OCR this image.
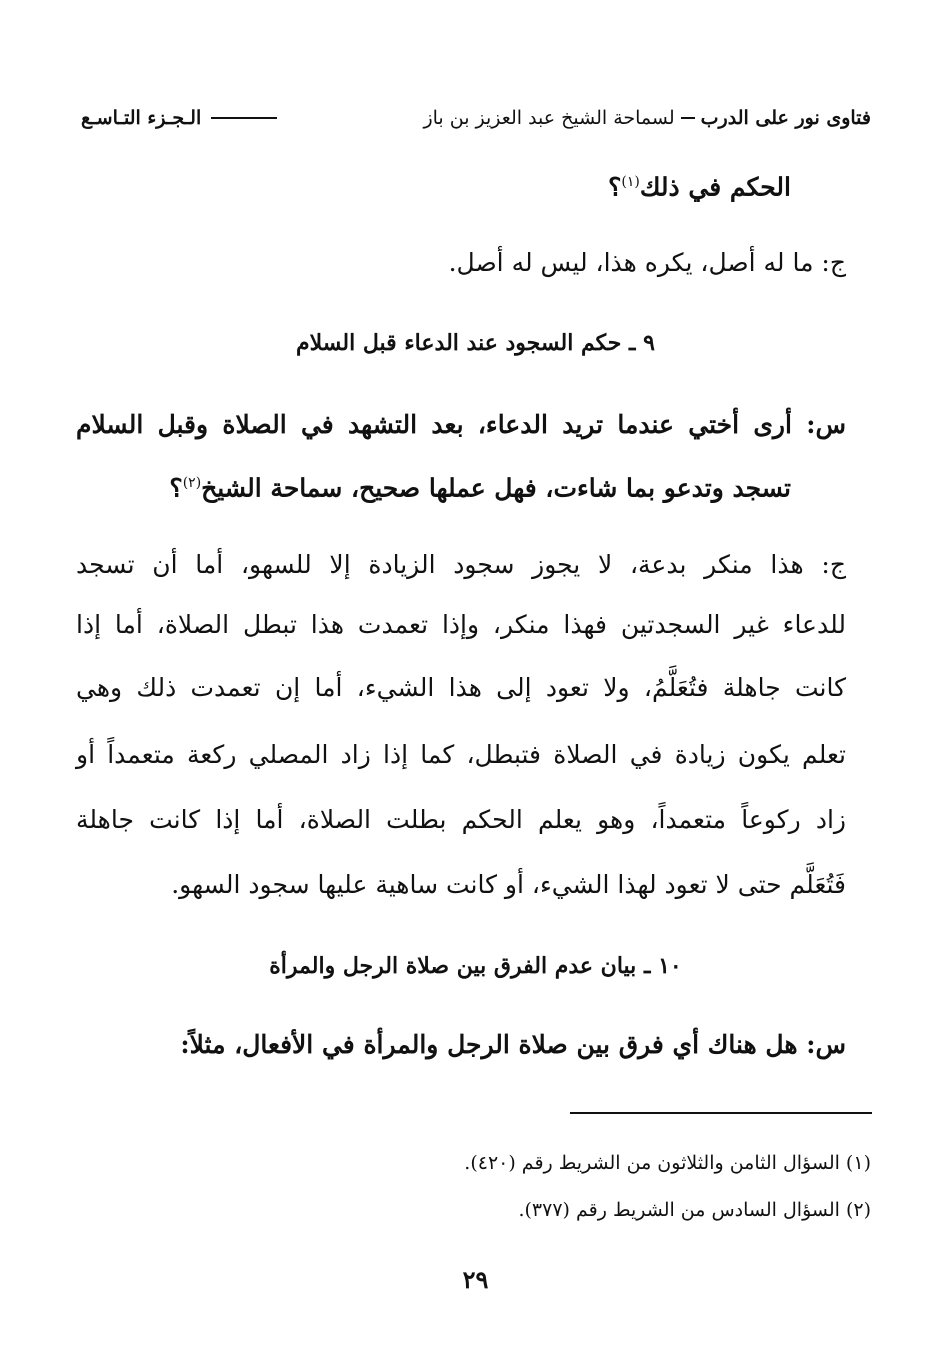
فتاوى نور على الدرب
لسماحة الشيخ عبد العزيز بن باز
الـجـزء التـاسـع
الحكم في ذلك$^{(١)}$؟
ج: ما له أصل، يكره هذا، ليس له أصل.
٩ ـ حكم السجود عند الدعاء قبل السلام
س: أرى أختي عندما تريد الدعاء، بعد التشهد في الصلاة وقبل السلام
تسجد وتدعو بما شاءت، فهل عملها صحيح، سماحة الشيخ$^{(٢)}$؟
ج: هذا منكر بدعة، لا يجوز سجود الزيادة إلا للسهو، أما أن تسجد
للدعاء غير السجدتين فهذا منكر، وإذا تعمدت هذا تبطل الصلاة، أما إذا
كانت جاهلة فتُعَلَّمُ، ولا تعود إلى هذا الشيء، أما إن تعمدت ذلك وهي
تعلم يكون زيادة في الصلاة فتبطل، كما إذا زاد المصلي ركعة متعمداً أو
زاد ركوعاً متعمداً، وهو يعلم الحكم بطلت الصلاة، أما إذا كانت جاهلة
فَتُعَلَّم حتى لا تعود لهذا الشيء، أو كانت ساهية عليها سجود السهو.
١٠ ـ بيان عدم الفرق بين صلاة الرجل والمرأة
س: هل هناك أي فرق بين صلاة الرجل والمرأة في الأفعال، مثلاً:
(١) السؤال الثامن والثلاثون من الشريط رقم (٤٢٠).
(٢) السؤال السادس من الشريط رقم (٣٧٧).
٢٩
